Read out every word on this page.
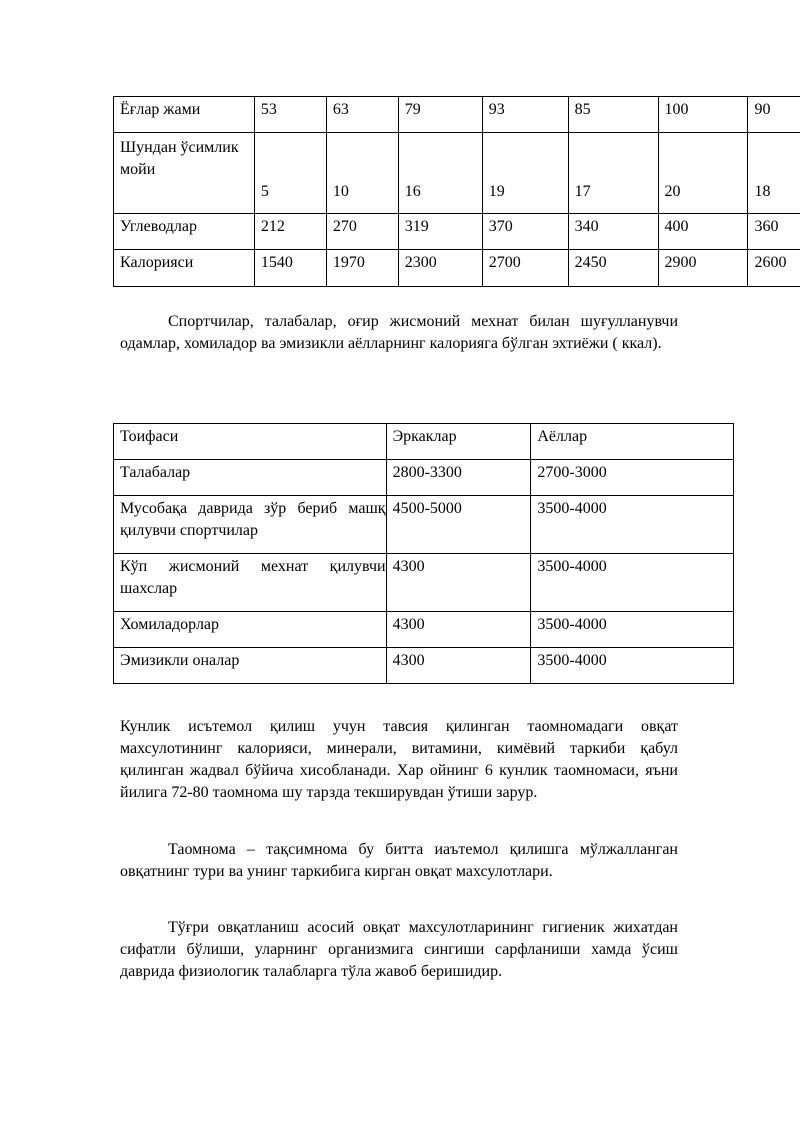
Ёғлар жами	53	63	79	93	85	100	90
Шундан ўсимлик мойи	5	10	16	19	17	20	18
Углеводлар	212	270	319	370	340	400	360
Калорияси	1540	1970	2300	2700	2450	2900	2600

Спортчилар, талабалар, оғир жисмоний мехнат билан шуғулланувчи одамлар, хомиладор ва эмизикли аёлларнинг калорияга бўлган эхтиёжи ( ккал).

Тоифаси	Эркаклар	Аёллар
Талабалар	2800-3300	2700-3000
Мусобақа даврида зўр бериб машқ қилувчи спортчилар	4500-5000	3500-4000
Кўп жисмоний мехнат қилувчи шахслар	4300	3500-4000
Хомиладорлар	4300	3500-4000
Эмизикли оналар	4300	3500-4000

Кунлик исътемол қилиш учун тавсия қилинган таомномадаги овқат махсулотининг калорияси, минерали, витамини, кимёвий таркиби қабул қилинган жадвал бўйича хисобланади. Хар ойнинг 6 кунлик таомномаси, яъни йилига 72-80 таомнома шу тарзда текширувдан ўтиши зарур.

Таомнома – тақсимнома бу битта иаътемол қилишга мўлжалланган овқатнинг тури ва унинг таркибига кирган овқат махсулотлари.

Тўғри овқатланиш асосий овқат махсулотларининг гигиеник жихатдан сифатли бўлиши, уларнинг организмига сингиши сарфланиши хамда ўсиш даврида физиологик талабларга тўла жавоб беришидир.
